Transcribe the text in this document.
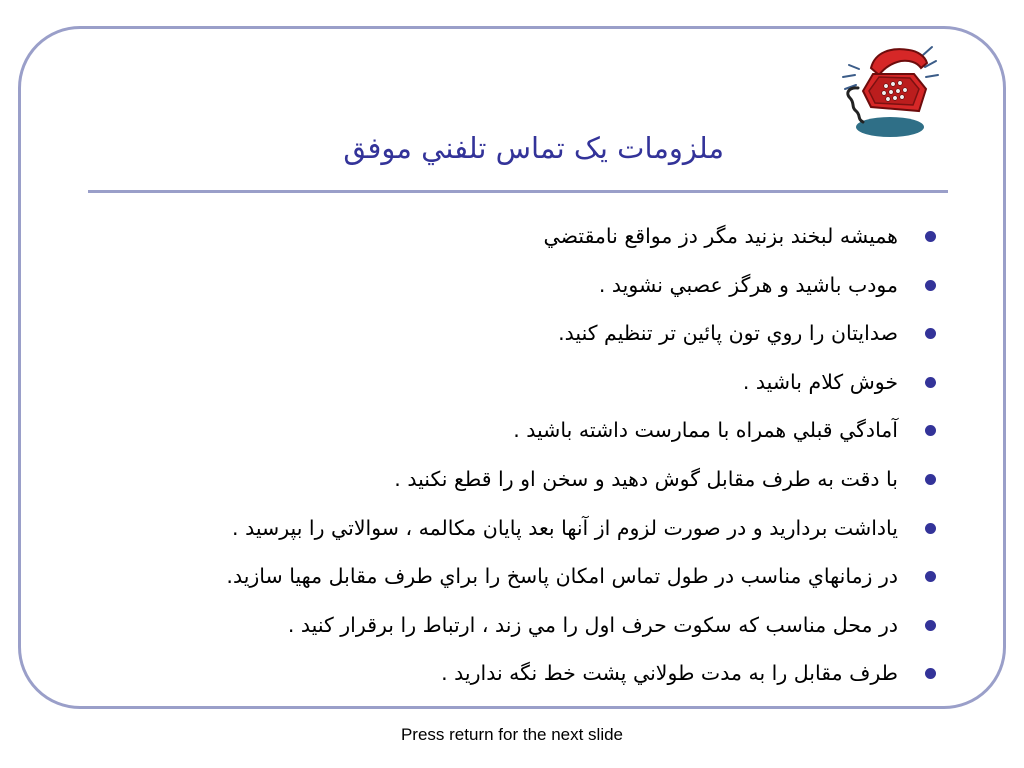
ملزومات يک تماس تلفني موفق
هميشه لبخند بزنيد مگر دز مواقع نامقتضي
مودب باشيد و هرگز عصبي نشويد .
صدايتان را روي تون پائين تر تنظيم كنيد.
خوش كلام باشيد .
آمادگي قبلي همراه با ممارست داشته باشيد .
با دقت به طرف مقابل گوش دهيد و سخن او را قطع نكنيد .
ياداشت برداريد و در صورت لزوم از آنها بعد پايان مكالمه ، سوالاتي را بپرسيد .
در زمانهاي مناسب در طول تماس امكان پاسخ را براي طرف مقابل مهيا سازيد.
در محل مناسب كه سكوت حرف اول را مي زند ، ارتباط را برقرار كنيد .
طرف مقابل را به مدت طولاني پشت خط نگه نداريد .
Press return for the next slide
